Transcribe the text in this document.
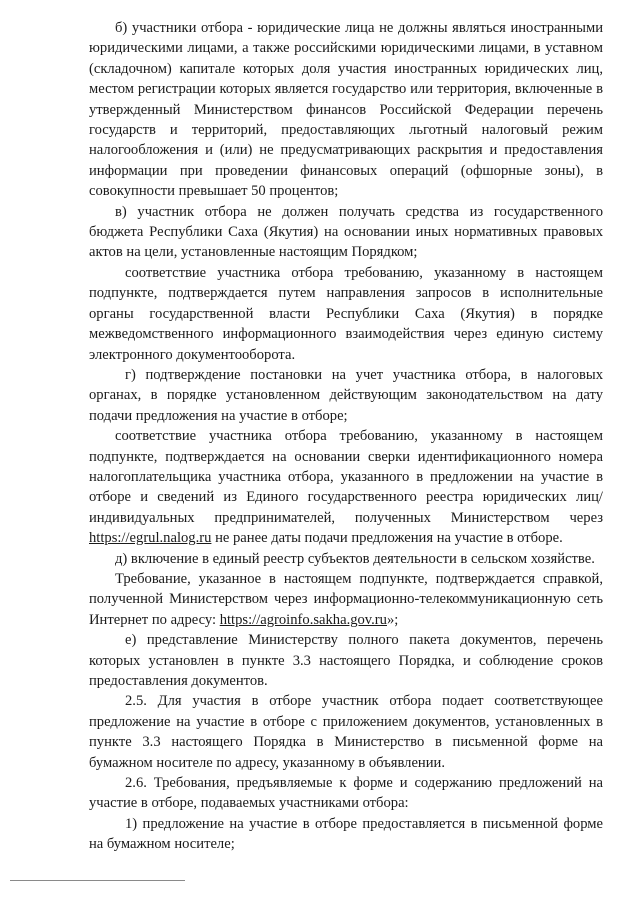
б) участники отбора - юридические лица не должны являться иностранными юридическими лицами, а также российскими юридическими лицами, в уставном (складочном) капитале которых доля участия иностранных юридических лиц, местом регистрации которых является государство или территория, включенные в утвержденный Министерством финансов Российской Федерации перечень государств и территорий, предоставляющих льготный налоговый режим налогообложения и (или) не предусматривающих раскрытия и предоставления информации при проведении финансовых операций (офшорные зоны), в совокупности превышает 50 процентов;

в) участник отбора не должен получать средства из государственного бюджета Республики Саха (Якутия) на основании иных нормативных правовых актов на цели, установленные настоящим Порядком;

соответствие участника отбора требованию, указанному в настоящем подпункте, подтверждается путем направления запросов в исполнительные органы государственной власти Республики Саха (Якутия) в порядке межведомственного информационного взаимодействия через единую систему электронного документооборота.

г) подтверждение постановки на учет участника отбора, в налоговых органах, в порядке установленном действующим законодательством на дату подачи предложения на участие в отборе;

соответствие участника отбора требованию, указанному в настоящем подпункте, подтверждается на основании сверки идентификационного номера налогоплательщика участника отбора, указанного в предложении на участие в отборе и сведений из Единого государственного реестра юридических лиц/индивидуальных предпринимателей, полученных Министерством через https://egrul.nalog.ru не ранее даты подачи предложения на участие в отборе.

д) включение в единый реестр субъектов деятельности в сельском хозяйстве.

Требование, указанное в настоящем подпункте, подтверждается справкой, полученной Министерством через информационно-телекоммуникационную сеть Интернет по адресу: https://agroinfo.sakha.gov.ru»;

е) представление Министерству полного пакета документов, перечень которых установлен в пункте 3.3 настоящего Порядка, и соблюдение сроков предоставления документов.

2.5. Для участия в отборе участник отбора подает соответствующее предложение на участие в отборе с приложением документов, установленных в пункте 3.3 настоящего Порядка в Министерство в письменной форме на бумажном носителе по адресу, указанному в объявлении.

2.6. Требования, предъявляемые к форме и содержанию предложений на участие в отборе, подаваемых участниками отбора:

1) предложение на участие в отборе предоставляется в письменной форме на бумажном носителе;
